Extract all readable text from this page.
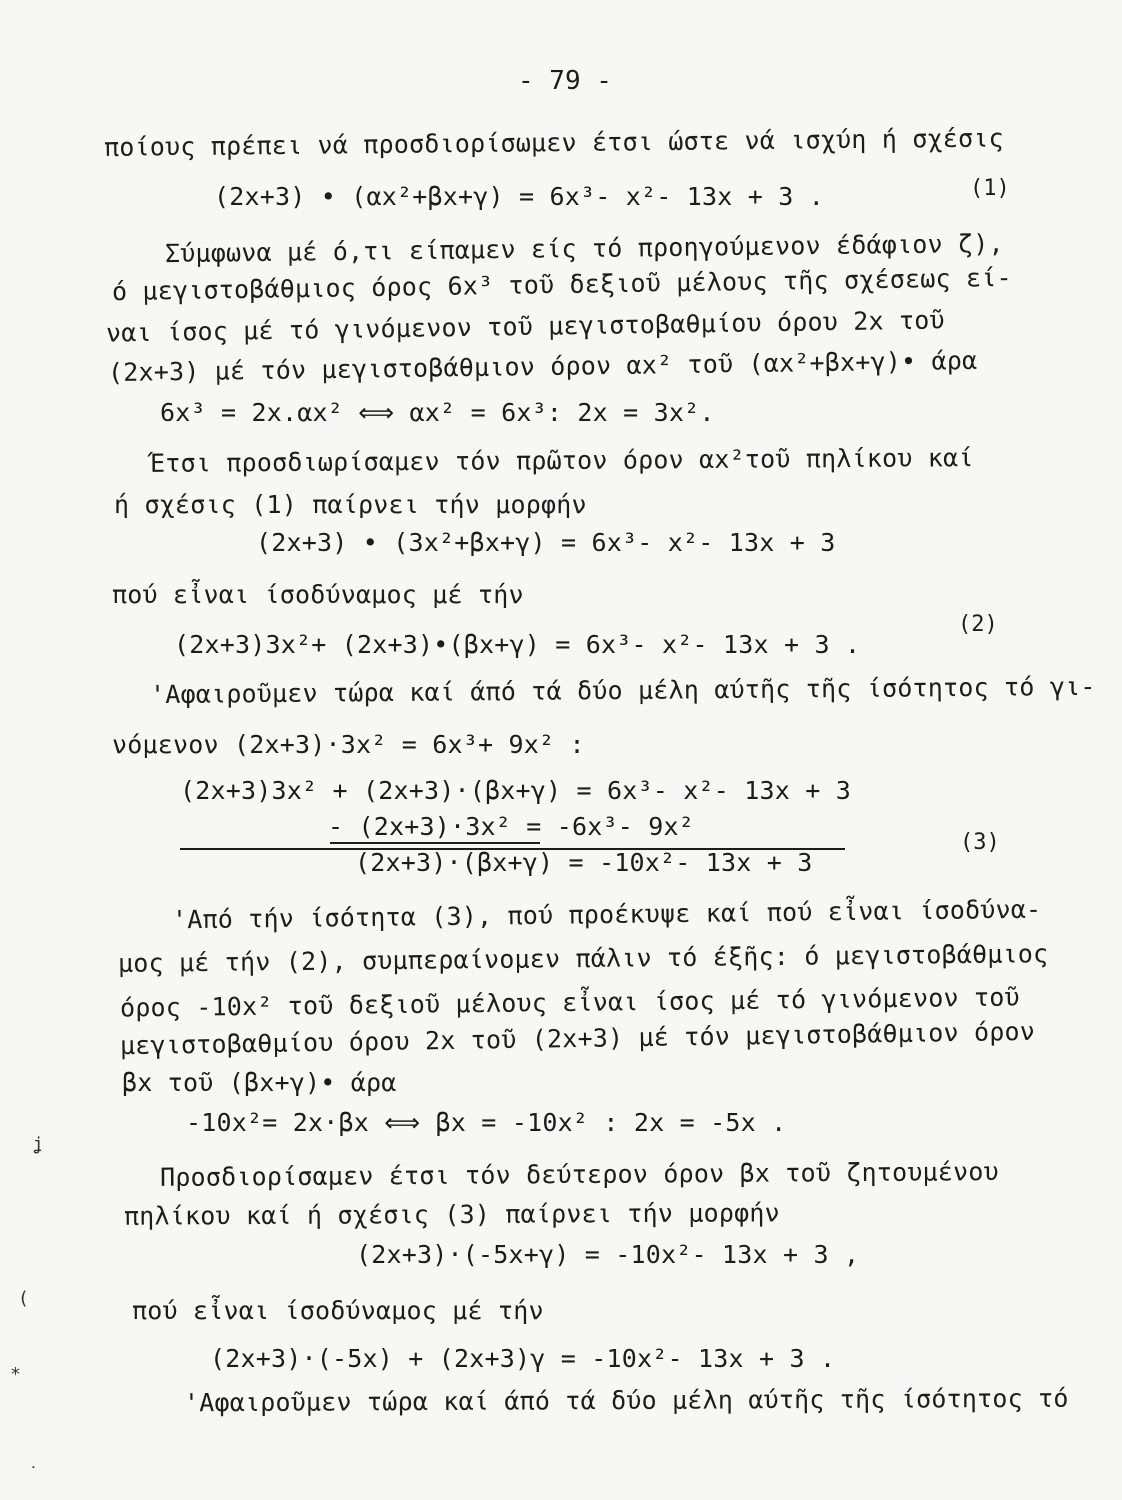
- 79 -
ποίους πρέπει νά προσδιορίσωμεν έτσι ώστε νά ισχύη ή σχέσις
(2x+3) • (αx²+βx+γ) = 6x³- x²- 13x + 3 .	(1)
Σύμφωνα μέ ό,τι είπαμεν είς τό προηγούμενον έδάφιον ζ),
ό μεγιστοβάθμιος όρος 6x³ τοῦ δεξιοῦ μέλους τῆς σχέσεως εί-
ναι ίσος μέ τό γινόμενον τοῦ μεγιστοβαθμίου όρου 2x τοῦ
(2x+3) μέ τόν μεγιστοβάθμιον όρον αx² τοῦ (αx²+βx+γ)• άρα
6x³ = 2x.αx² ⟺ αx² = 6x³: 2x = 3x².
Έτσι προσδιωρίσαμεν τόν πρῶτον όρον αx²τοῦ πηλίκου καί
ή σχέσις (1) παίρνει τήν μορφήν
(2x+3) • (3x²+βx+γ) = 6x³- x²- 13x + 3
πού εἶναι ίσοδύναμος μέ τήν
(2x+3)3x²+ (2x+3)•(βx+γ) = 6x³- x²- 13x + 3 .
(2)
'Αφαιροῦμεν τώρα καί άπό τά δύο μέλη αύτῆς τῆς ίσότητος τό γι-
νόμενον (2x+3)·3x² = 6x³+ 9x² :
(2x+3)3x² + (2x+3)·(βx+γ) = 6x³- x²- 13x + 3
- (2x+3)·3x² = -6x³- 9x²
(2x+3)·(βx+γ) = -10x²- 13x + 3
(3)
'Από τήν ίσότητα (3), πού προέκυψε καί πού εἶναι ίσοδύνα-
μος μέ τήν (2), συμπεραίνομεν πάλιν τό έξῆς: ό μεγιστοβάθμιος
όρος -10x² τοῦ δεξιοῦ μέλους εἶναι ίσος μέ τό γινόμενον τοῦ
μεγιστοβαθμίου όρου 2x τοῦ (2x+3) μέ τόν μεγιστοβάθμιον όρον
βx τοῦ (βx+γ)• άρα
-10x²= 2x·βx ⟺ βx = -10x² : 2x = -5x .
Προσδιορίσαμεν έτσι τόν δεύτερον όρον βx τοῦ ζητουμένου
πηλίκου καί ή σχέσις (3) παίρνει τήν μορφήν
(2x+3)·(-5x+γ) = -10x²- 13x + 3 ,
πού εἶναι ίσοδύναμος μέ τήν
(2x+3)·(-5x) + (2x+3)γ = -10x²- 13x + 3 .
'Αφαιροῦμεν τώρα καί άπό τά δύο μέλη αύτῆς τῆς ίσότητος τό
ʝ
(
*
˙
